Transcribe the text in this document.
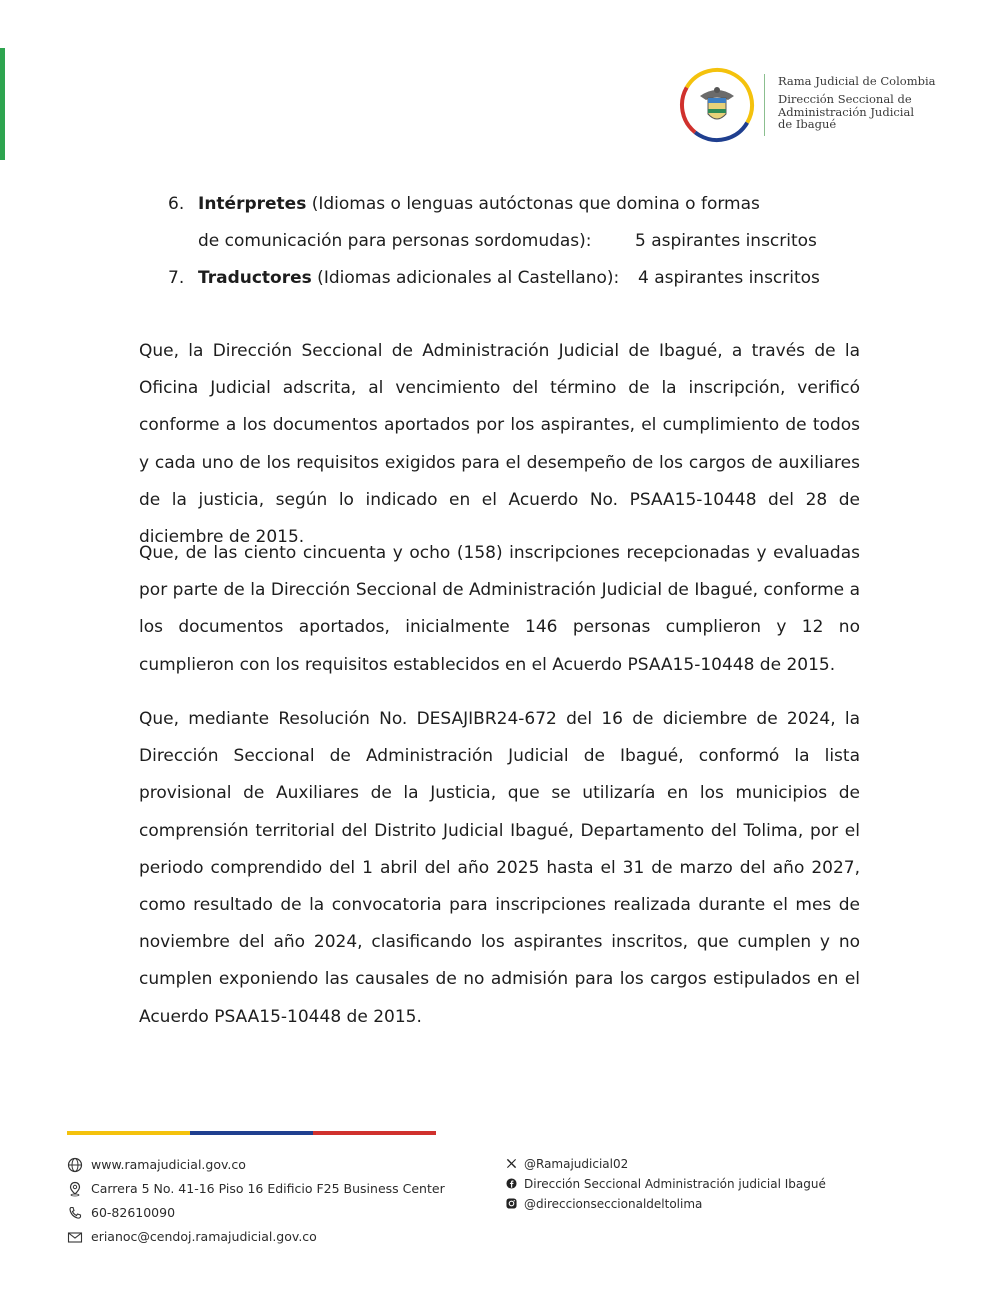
Rama Judicial de Colombia
Dirección Seccional de
Administración Judicial
de Ibagué
6. Intérpretes (Idiomas o lenguas autóctonas que domina o formas
de comunicación para personas sordomudas):	5 aspirantes inscritos
7. Traductores (Idiomas adicionales al Castellano): 4 aspirantes inscritos

Que, la Dirección Seccional de Administración Judicial de Ibagué, a través de la Oficina Judicial adscrita, al vencimiento del término de la inscripción, verificó conforme a los documentos aportados por los aspirantes, el cumplimiento de todos y cada uno de los requisitos exigidos para el desempeño de los cargos de auxiliares de la justicia, según lo indicado en el Acuerdo No. PSAA15-10448 del 28 de diciembre de 2015.

Que, de las ciento cincuenta y ocho (158) inscripciones recepcionadas y evaluadas por parte de la Dirección Seccional de Administración Judicial de Ibagué, conforme a los documentos aportados, inicialmente 146 personas cumplieron y 12 no cumplieron con los requisitos establecidos en el Acuerdo PSAA15-10448 de 2015.

Que, mediante Resolución No. DESAJIBR24-672 del 16 de diciembre de 2024, la Dirección Seccional de Administración Judicial de Ibagué, conformó la lista provisional de Auxiliares de la Justicia, que se utilizaría en los municipios de comprensión territorial del Distrito Judicial Ibagué, Departamento del Tolima, por el periodo comprendido del 1 abril del año 2025 hasta el 31 de marzo del año 2027, como resultado de la convocatoria para inscripciones realizada durante el mes de noviembre del año 2024, clasificando los aspirantes inscritos, que cumplen y no cumplen exponiendo las causales de no admisión para los cargos estipulados en el Acuerdo PSAA15-10448 de 2015.

www.ramajudicial.gov.co
Carrera 5 No. 41-16 Piso 16 Edificio F25 Business Center
60-82610090
erianoc@cendoj.ramajudicial.gov.co
@Ramajudicial02
Dirección Seccional Administración judicial Ibagué
@direccionseccionaldeltolima
